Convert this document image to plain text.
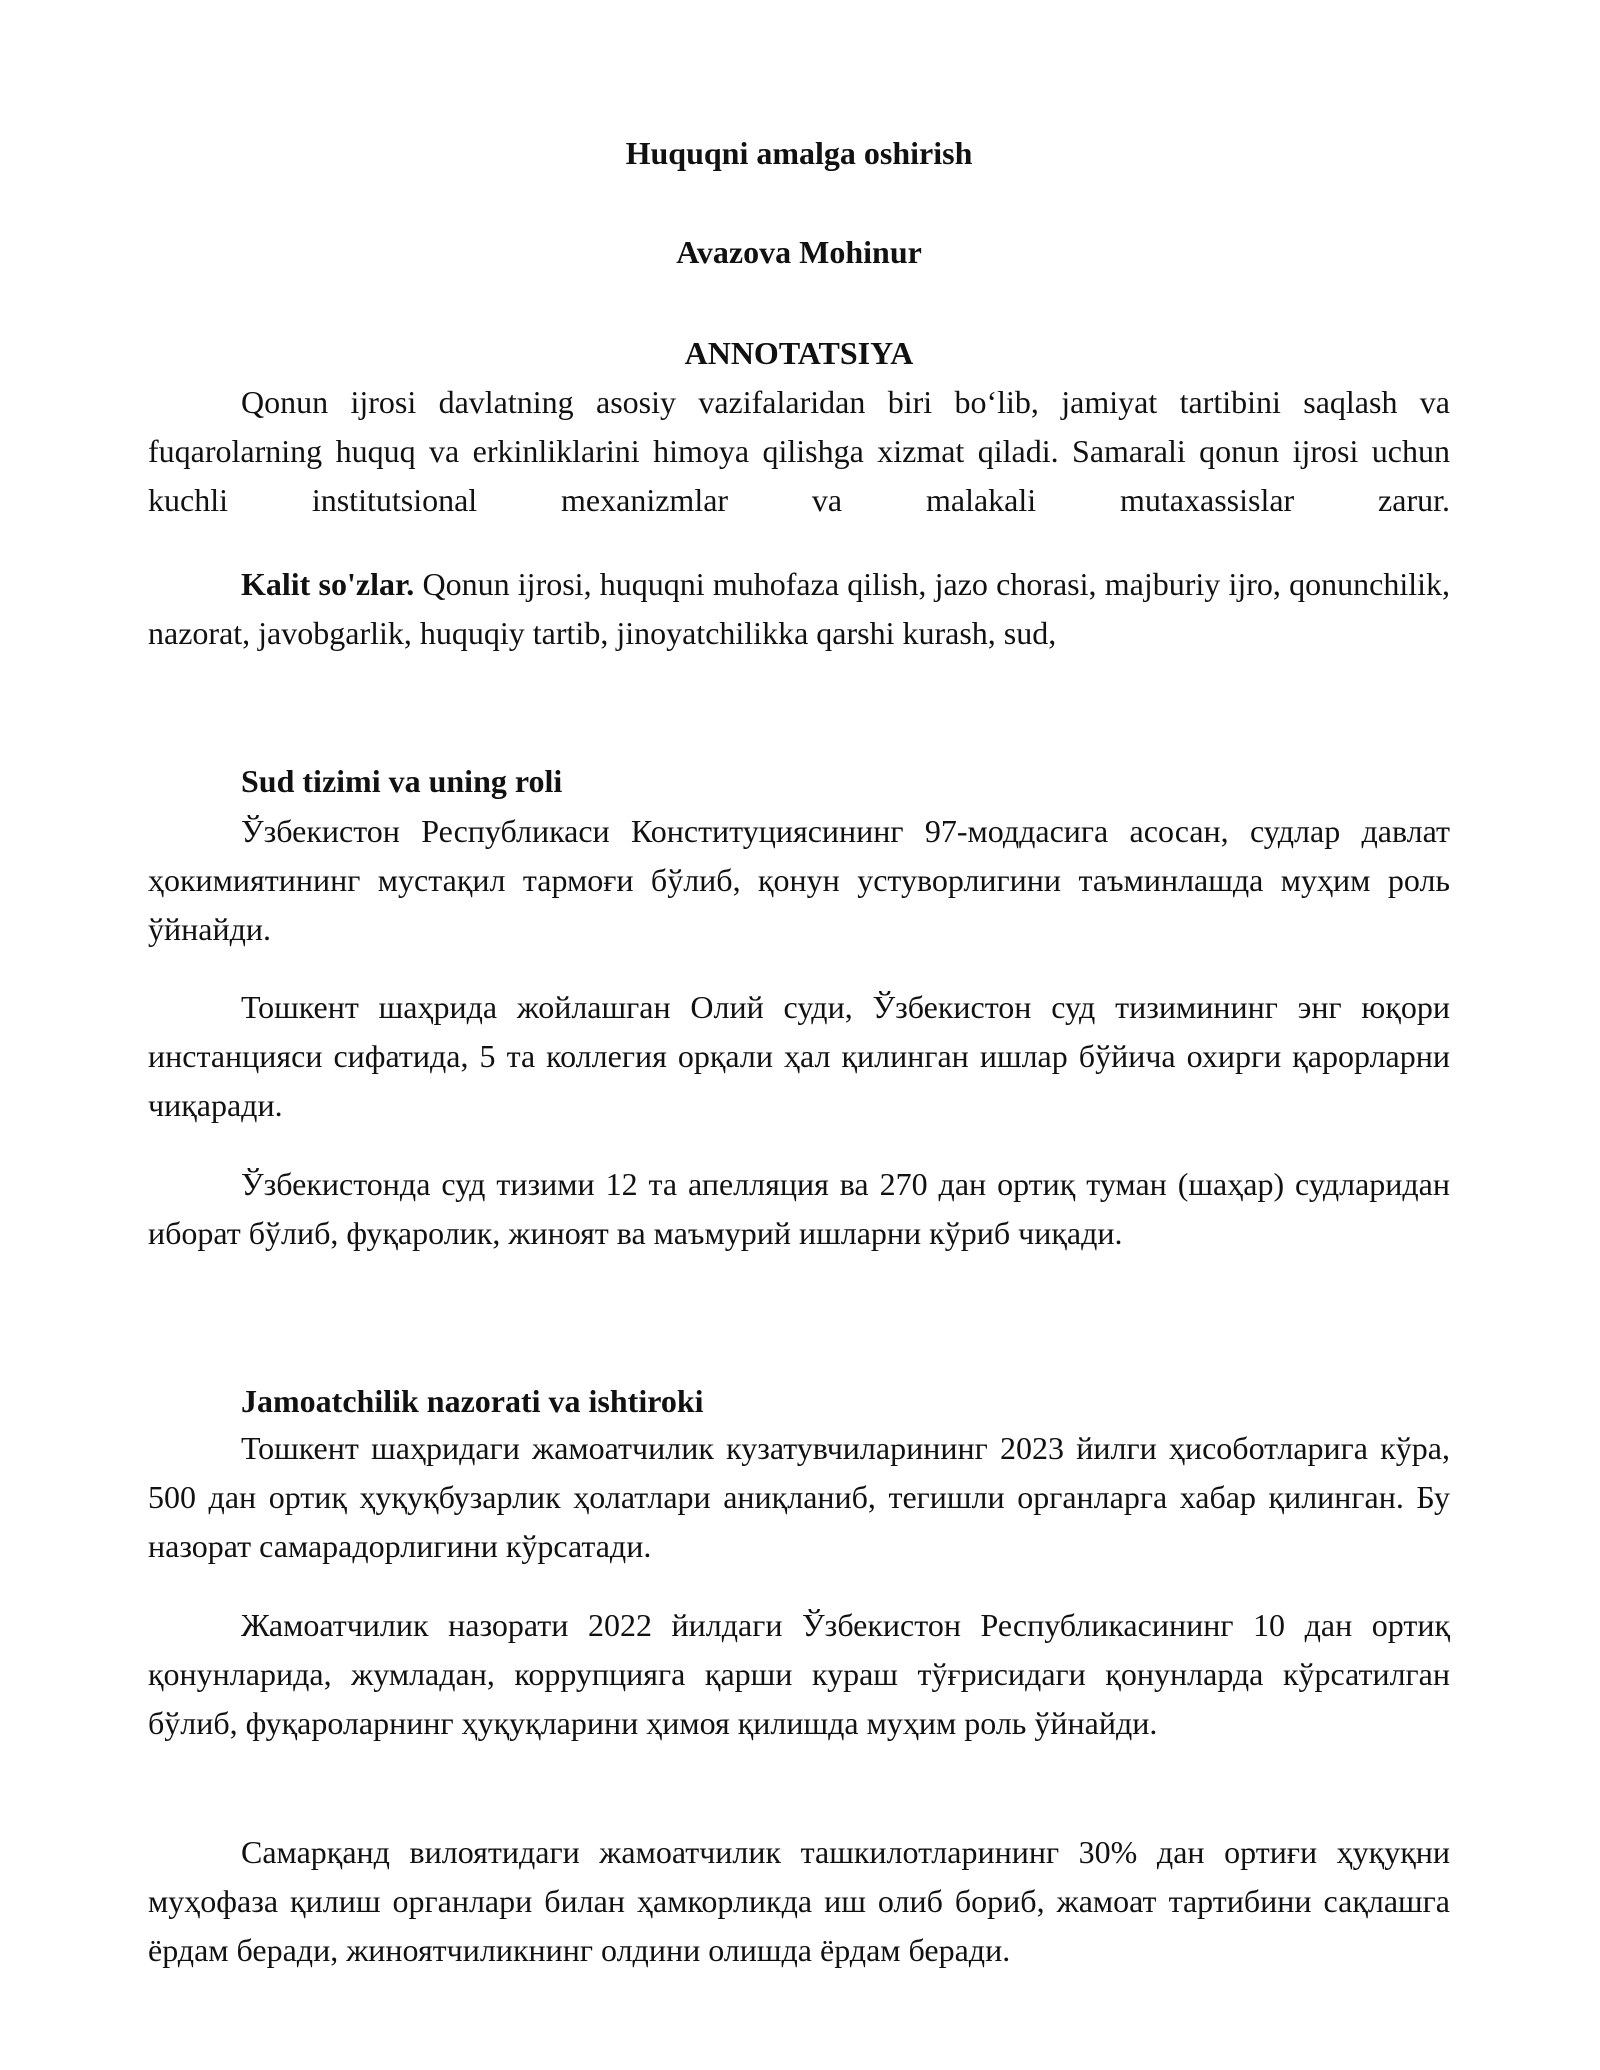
Huquqni amalga oshirish
Avazova Mohinur
ANNOTATSIYA

Qonun ijrosi davlatning asosiy vazifalaridan biri bo‘lib, jamiyat tartibini saqlash va fuqarolarning huquq va erkinliklarini himoya qilishga xizmat qiladi. Samarali qonun ijrosi uchun kuchli institutsional mexanizmlar va malakali mutaxassislar zarur.

Kalit so'zlar. Qonun ijrosi, huquqni muhofaza qilish, jazo chorasi, majburiy ijro, qonunchilik, nazorat, javobgarlik, huquqiy tartib, jinoyatchilikka qarshi kurash, sud,

Sud tizimi va uning roli

Ўзбекистон Республикаси Конституциясининг 97-моддасига асосан, судлар давлат ҳокимиятининг мустақил тармоғи бўлиб, қонун устуворлигини таъминлашда муҳим роль ўйнайди.

Тошкент шаҳрида жойлашган Олий суди, Ўзбекистон суд тизимининг энг юқори инстанцияси сифатида, 5 та коллегия орқали ҳал қилинган ишлар бўйича охирги қарорларни чиқаради.

Ўзбекистонда суд тизими 12 та апелляция ва 270 дан ортиқ туман (шаҳар) судларидан иборат бўлиб, фуқаролик, жиноят ва маъмурий ишларни кўриб чиқади.

Jamoatchilik nazorati va ishtiroki

Тошкент шаҳридаги жамоатчилик кузатувчиларининг 2023 йилги ҳисоботларига кўра, 500 дан ортиқ ҳуқуқбузарлик ҳолатлари аниқланиб, тегишли органларга хабар қилинган. Бу назорат самарадорлигини кўрсатади.

Жамоатчилик назорати 2022 йилдаги Ўзбекистон Республикасининг 10 дан ортиқ қонунларида, жумладан, коррупцияга қарши кураш тўғрисидаги қонунларда кўрсатилган бўлиб, фуқароларнинг ҳуқуқларини ҳимоя қилишда муҳим роль ўйнайди.

Самарқанд вилоятидаги жамоатчилик ташкилотларининг 30% дан ортиғи ҳуқуқни муҳофаза қилиш органлари билан ҳамкорликда иш олиб бориб, жамоат тартибини сақлашга ёрдам беради, жиноятчиликнинг олдини олишда ёрдам беради.
